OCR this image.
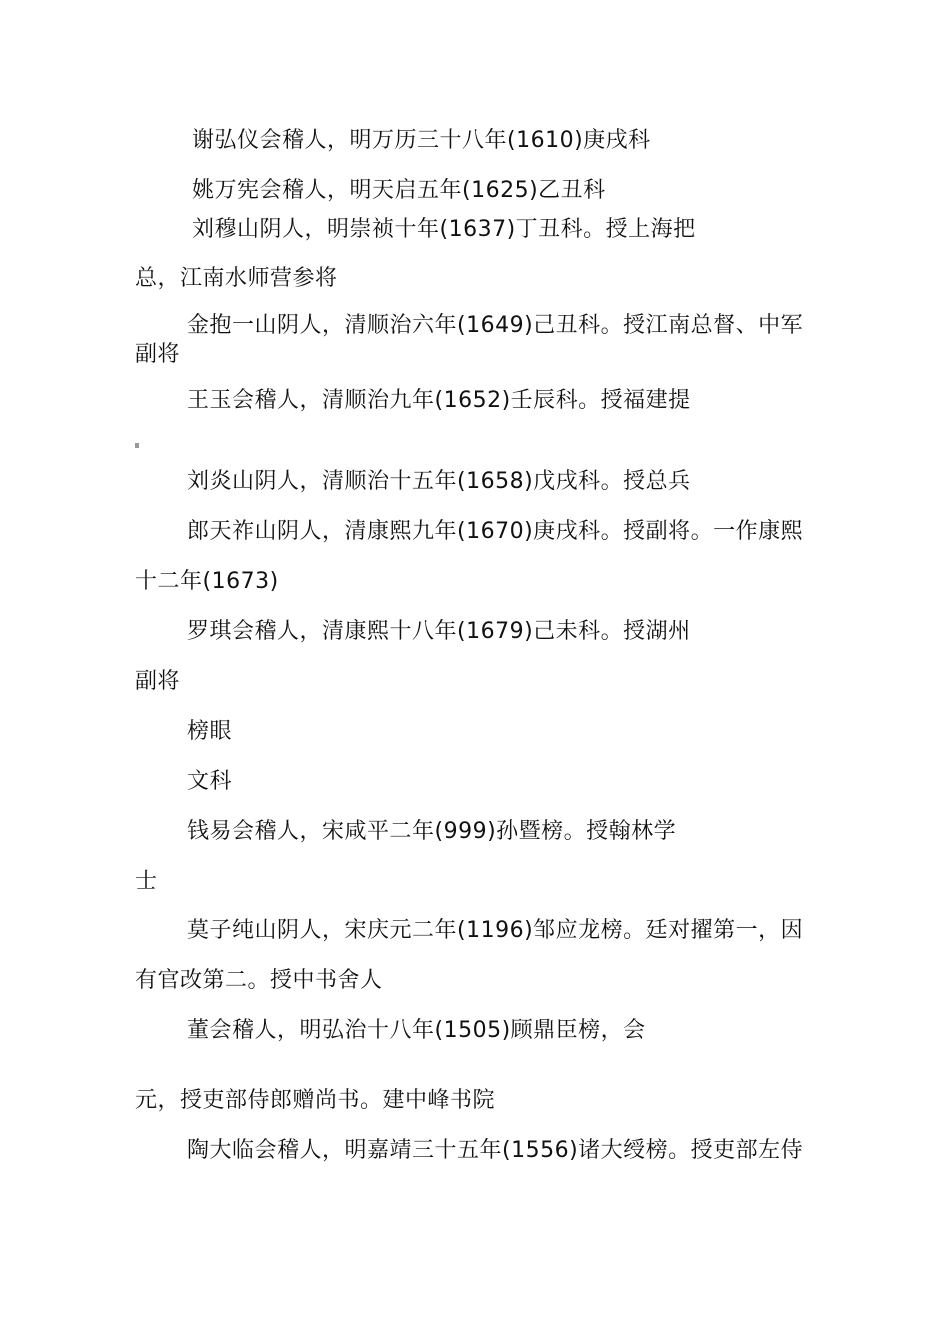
谢弘仪会稽人，明万历三十八年(1610)庚戌科
姚万宪会稽人，明天启五年(1625)乙丑科
刘穆山阴人，明崇祯十年(1637)丁丑科。授上海把
总，江南水师营参将
金抱一山阴人，清顺治六年(1649)己丑科。授江南总督、中军
副将
王玉会稽人，清顺治九年(1652)壬辰科。授福建提
刘炎山阴人，清顺治十五年(1658)戊戌科。授总兵
郎天祚山阴人，清康熙九年(1670)庚戌科。授副将。一作康熙
十二年(1673)
罗琪会稽人，清康熙十八年(1679)己未科。授湖州
副将
榜眼
文科
钱易会稽人，宋咸平二年(999)孙暨榜。授翰林学
士
莫子纯山阴人，宋庆元二年(1196)邹应龙榜。廷对擢第一，因
有官改第二。授中书舍人
董会稽人，明弘治十八年(1505)顾鼎臣榜，会
元，授吏部侍郎赠尚书。建中峰书院
陶大临会稽人，明嘉靖三十五年(1556)诸大绶榜。授吏部左侍
